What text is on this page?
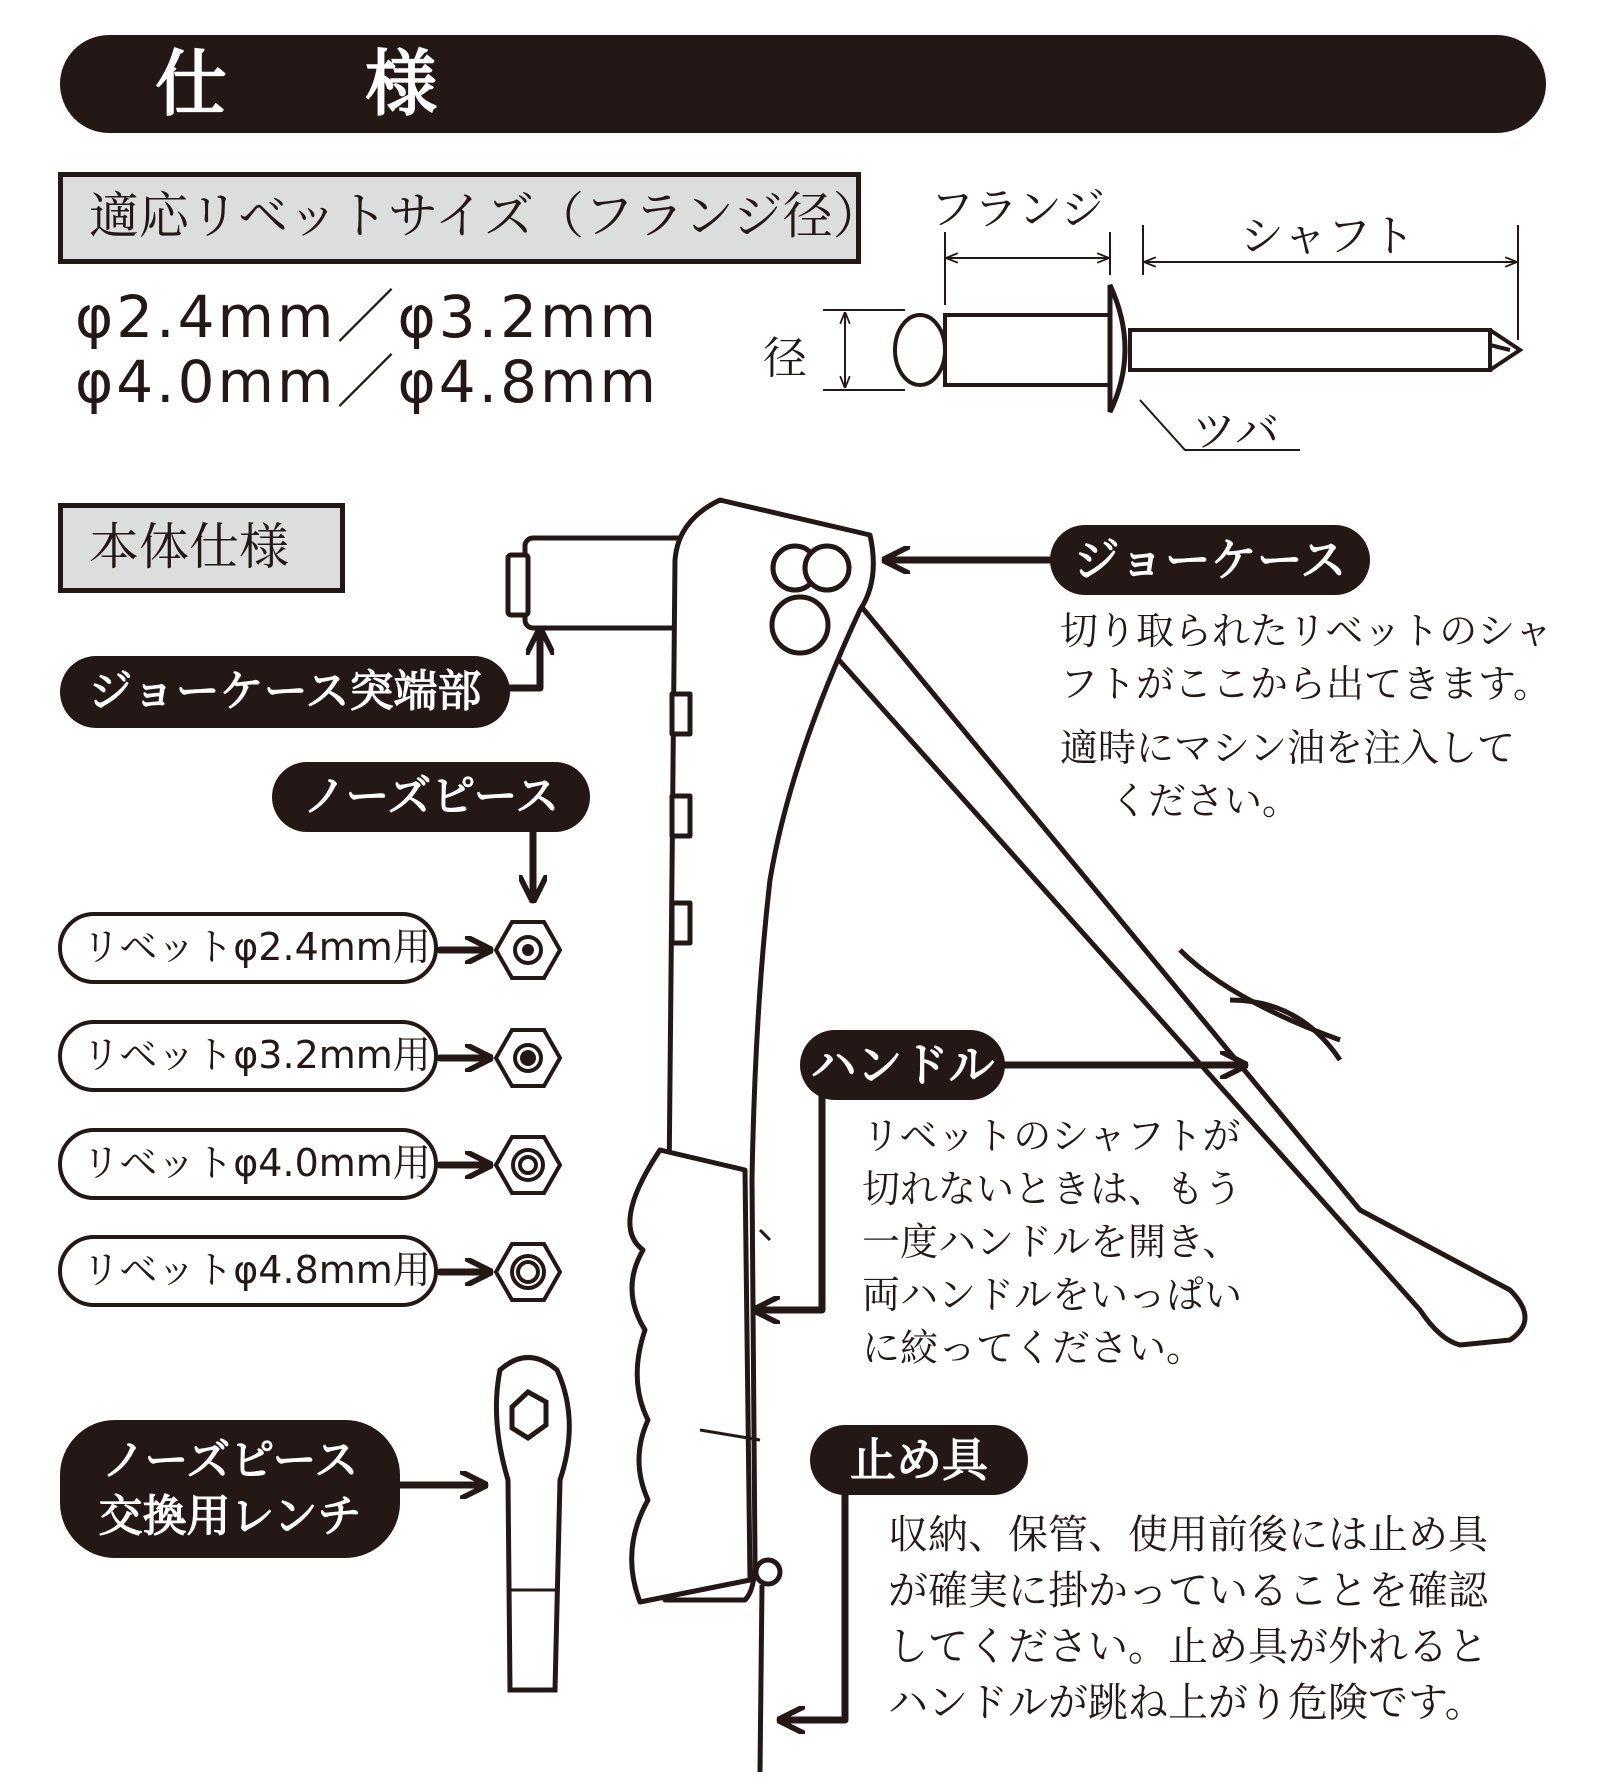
仕 様
適応リベットサイズ（フランジ径）
φ2.4mm／φ3.2mm
φ4.0mm／φ4.8mm
フランジ
シャフト
径
ツバ
本体仕様
ジョーケース突端部
ノーズピース
リベットφ2.4mm用
リベットφ3.2mm用
リベットφ4.0mm用
リベットφ4.8mm用
ノーズピース
交換用レンチ
ジョーケース
切り取られたリベットのシャ
フトがここから出てきます。
適時にマシン油を注入して
ください。
ハンドル
リベットのシャフトが
切れないときは、もう
一度ハンドルを開き、
両ハンドルをいっぱい
に絞ってください。
止め具
収納、保管、使用前後には止め具
が確実に掛かっていることを確認
してください。止め具が外れると
ハンドルが跳ね上がり危険です。
